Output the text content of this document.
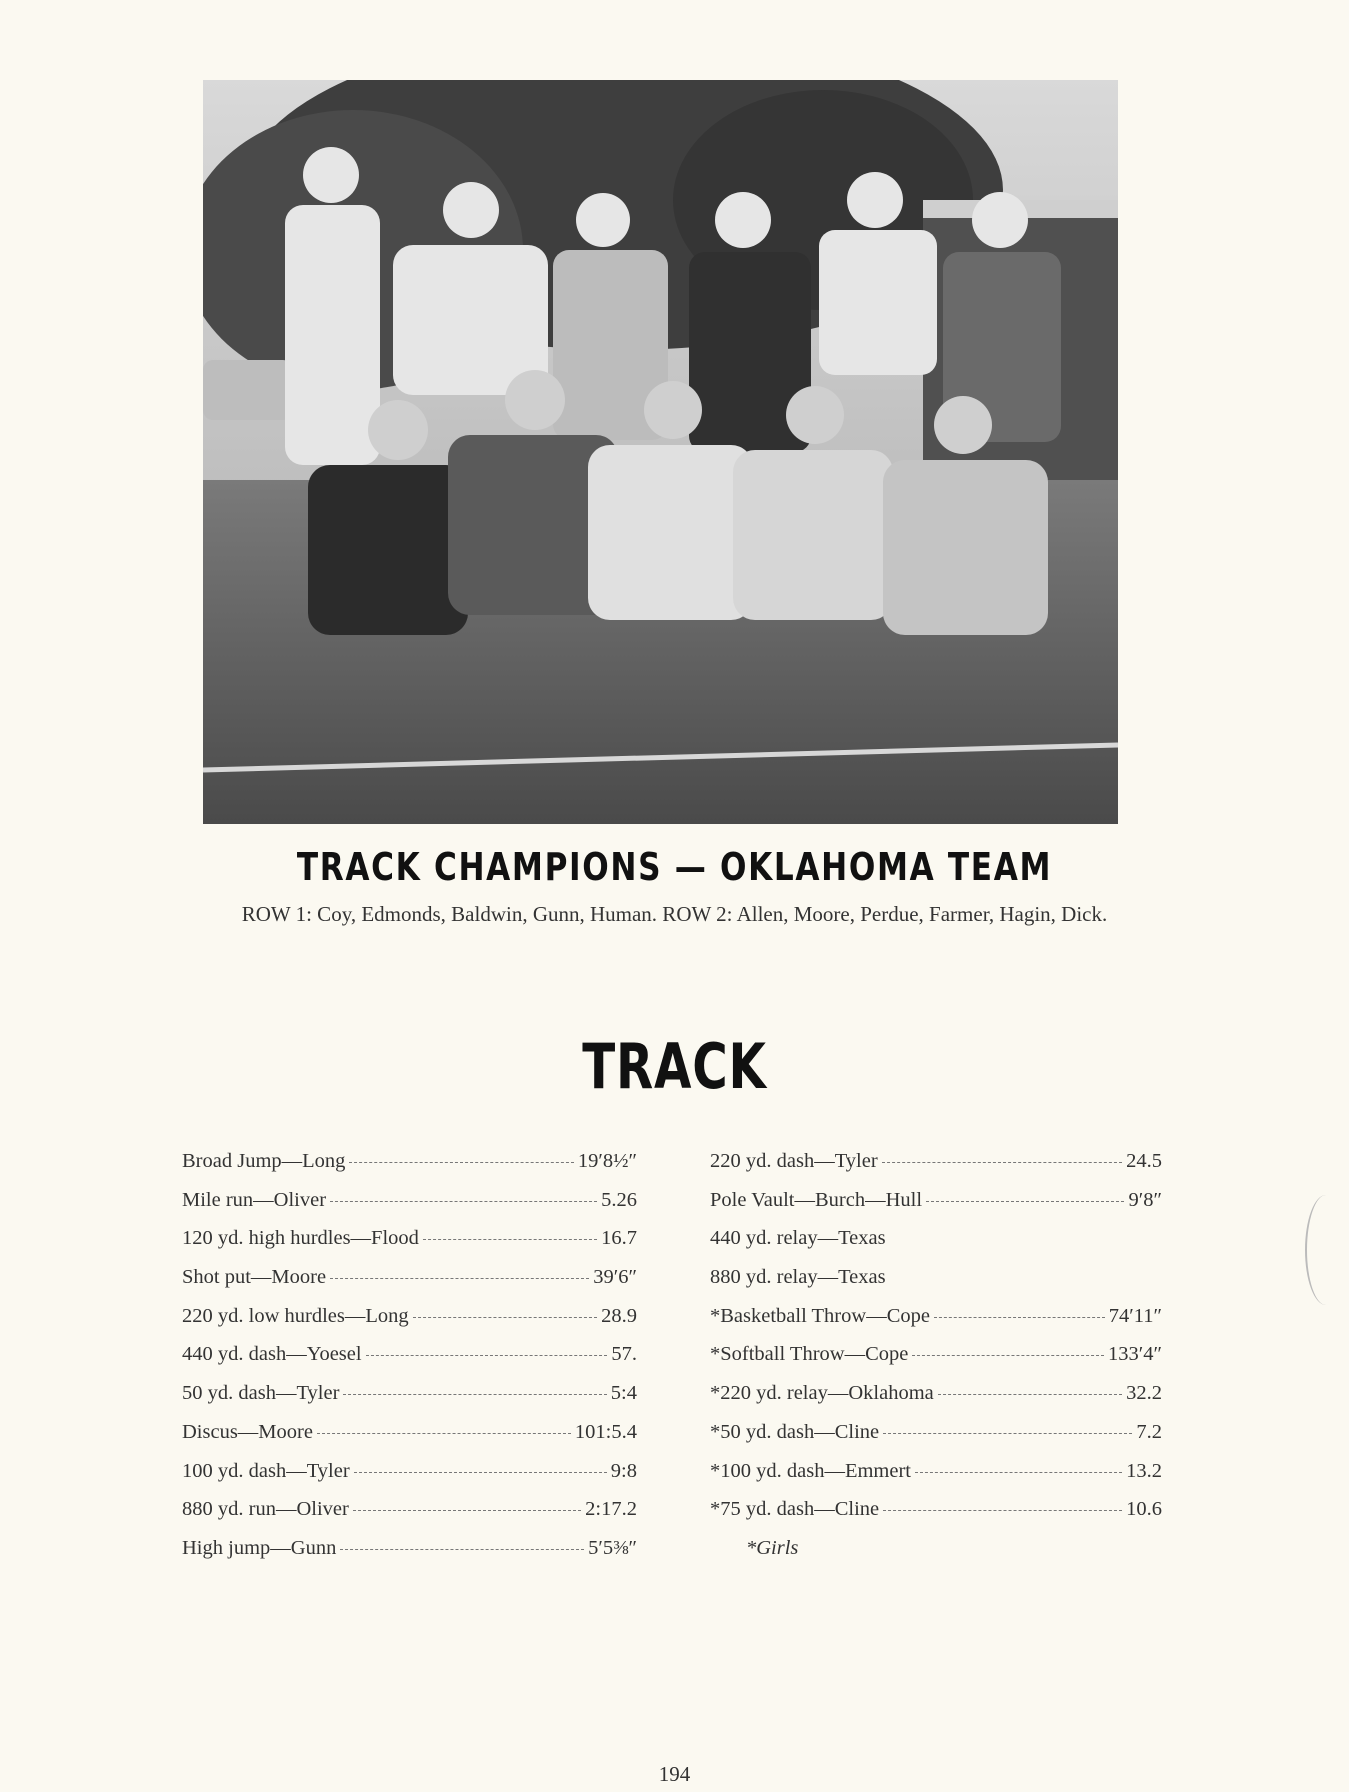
TRACK CHAMPIONS — OKLAHOMA TEAM
ROW 1: Coy, Edmonds, Baldwin, Gunn, Human. ROW 2: Allen, Moore, Perdue, Farmer, Hagin, Dick.
TRACK
Broad Jump—Long	19′8½″
Mile run—Oliver	5.26
120 yd. high hurdles—Flood	16.7
Shot put—Moore	39′6″
220 yd. low hurdles—Long	28.9
440 yd. dash—Yoesel	57.
50 yd. dash—Tyler	5:4
Discus—Moore	101:5.4
100 yd. dash—Tyler	9:8
880 yd. run—Oliver	2:17.2
High jump—Gunn	5′5⅜″
220 yd. dash—Tyler	24.5
Pole Vault—Burch—Hull	9′8″
440 yd. relay—Texas
880 yd. relay—Texas
*Basketball Throw—Cope	74′11″
*Softball Throw—Cope	133′4″
*220 yd. relay—Oklahoma	32.2
*50 yd. dash—Cline	7.2
*100 yd. dash—Emmert	13.2
*75 yd. dash—Cline	10.6
*Girls
194
